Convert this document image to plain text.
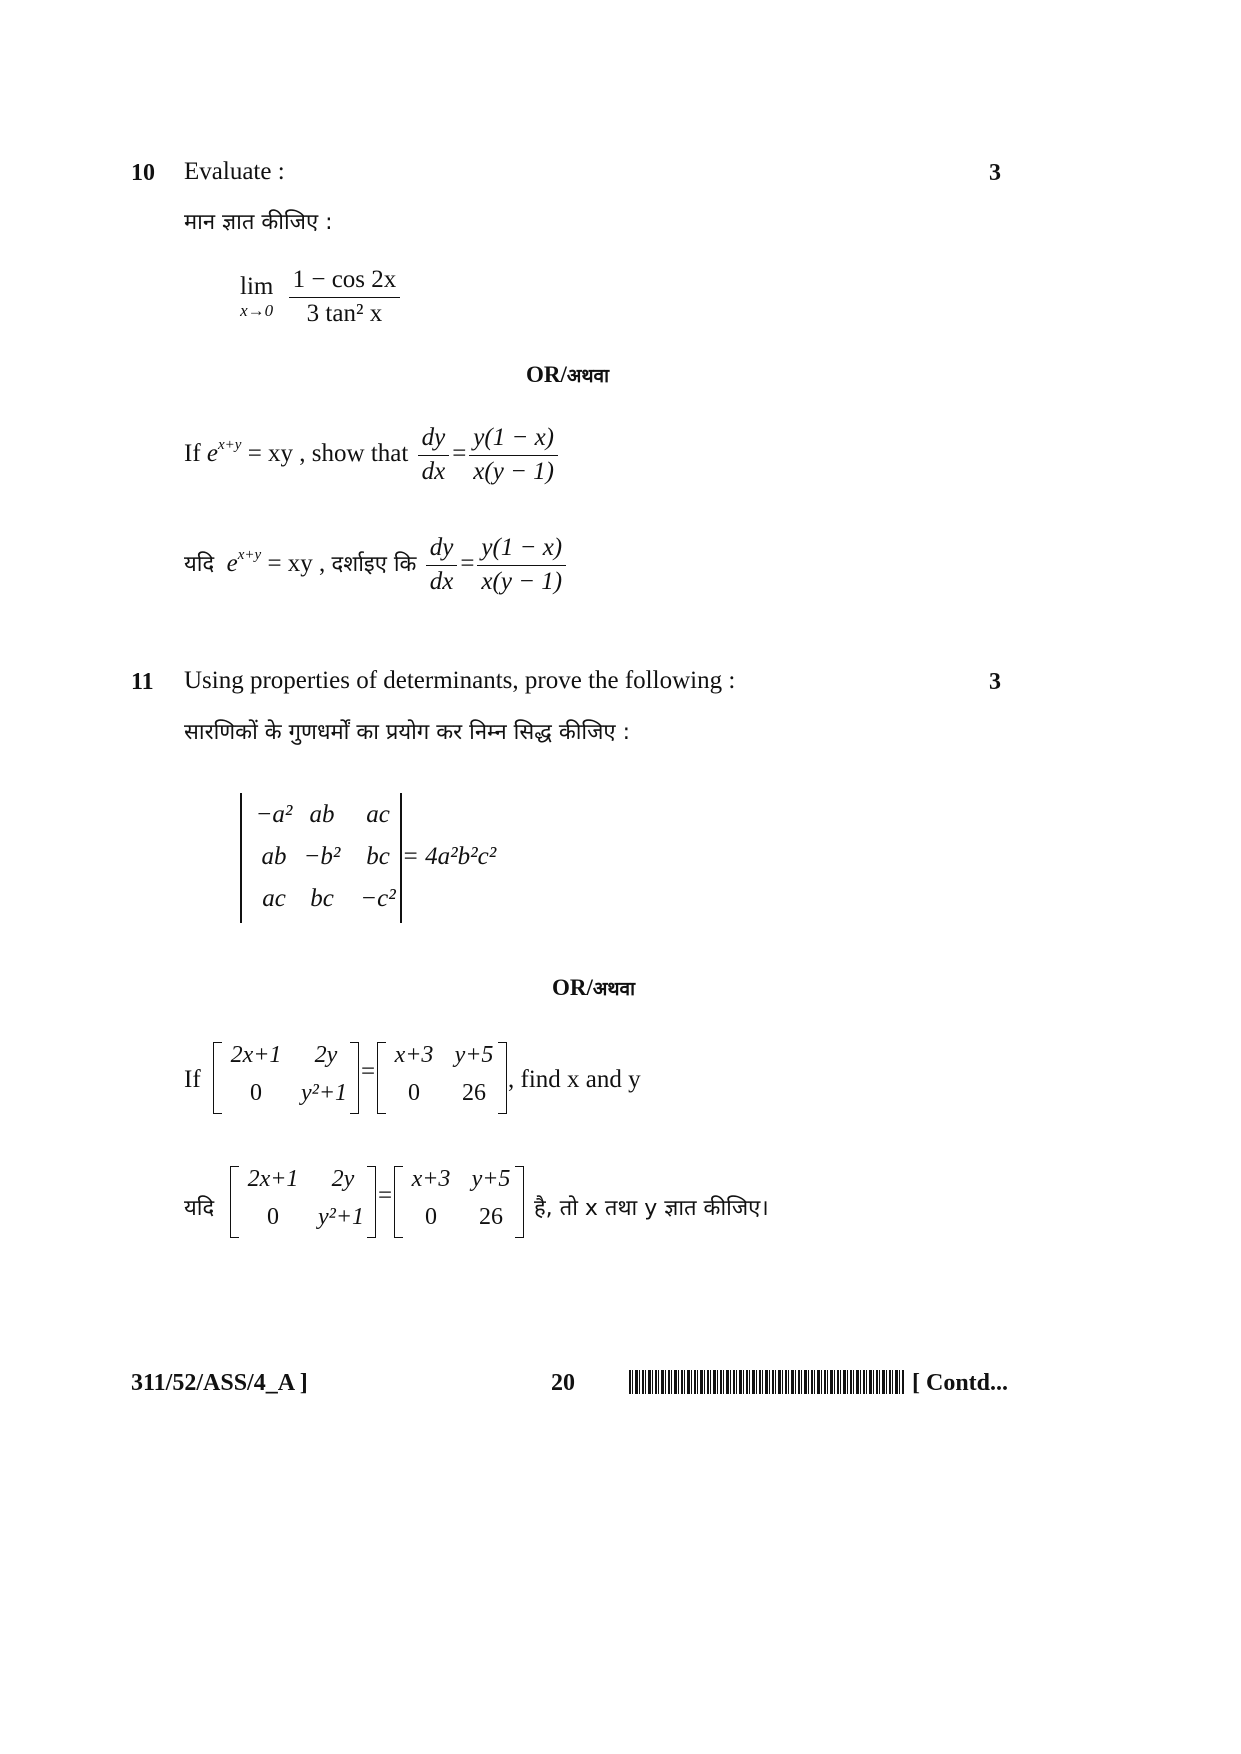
10 Evaluate :	3
मान ज्ञात कीजिए :
lim
x→0
$\frac{1 - \cos 2x}{\text{3 tan² x}}$
OR/अथवा
If $e^{x+y}$ = xy , show that $\frac{dy}{dx} = \frac{y(1 - x)}{x(y - 1)}$
यदि $e^{x+y}$ = xy , दर्शाइए कि $\frac{dy}{dx} = \frac{y(1 - x)}{x(y - 1)}$
11 Using properties of determinants, prove the following :	3
सारणिकों के गुणधर्मों का प्रयोग कर निम्न सिद्ध कीजिए :
−a² ab	ac
ab −b²	bc
ac bc	−c²
= 4a²b²c²
OR/अथवा
If
2x+1	2y
0	y²+1
=
x+3 y+5
0	26 , find x and y
यदि
2x+1	2y
0	y²+1
=
x+3 y+5
0	26	है, तो x तथा y ज्ञात कीजिए।
311/52/ASS/4_A ]	20	[ Contd...
